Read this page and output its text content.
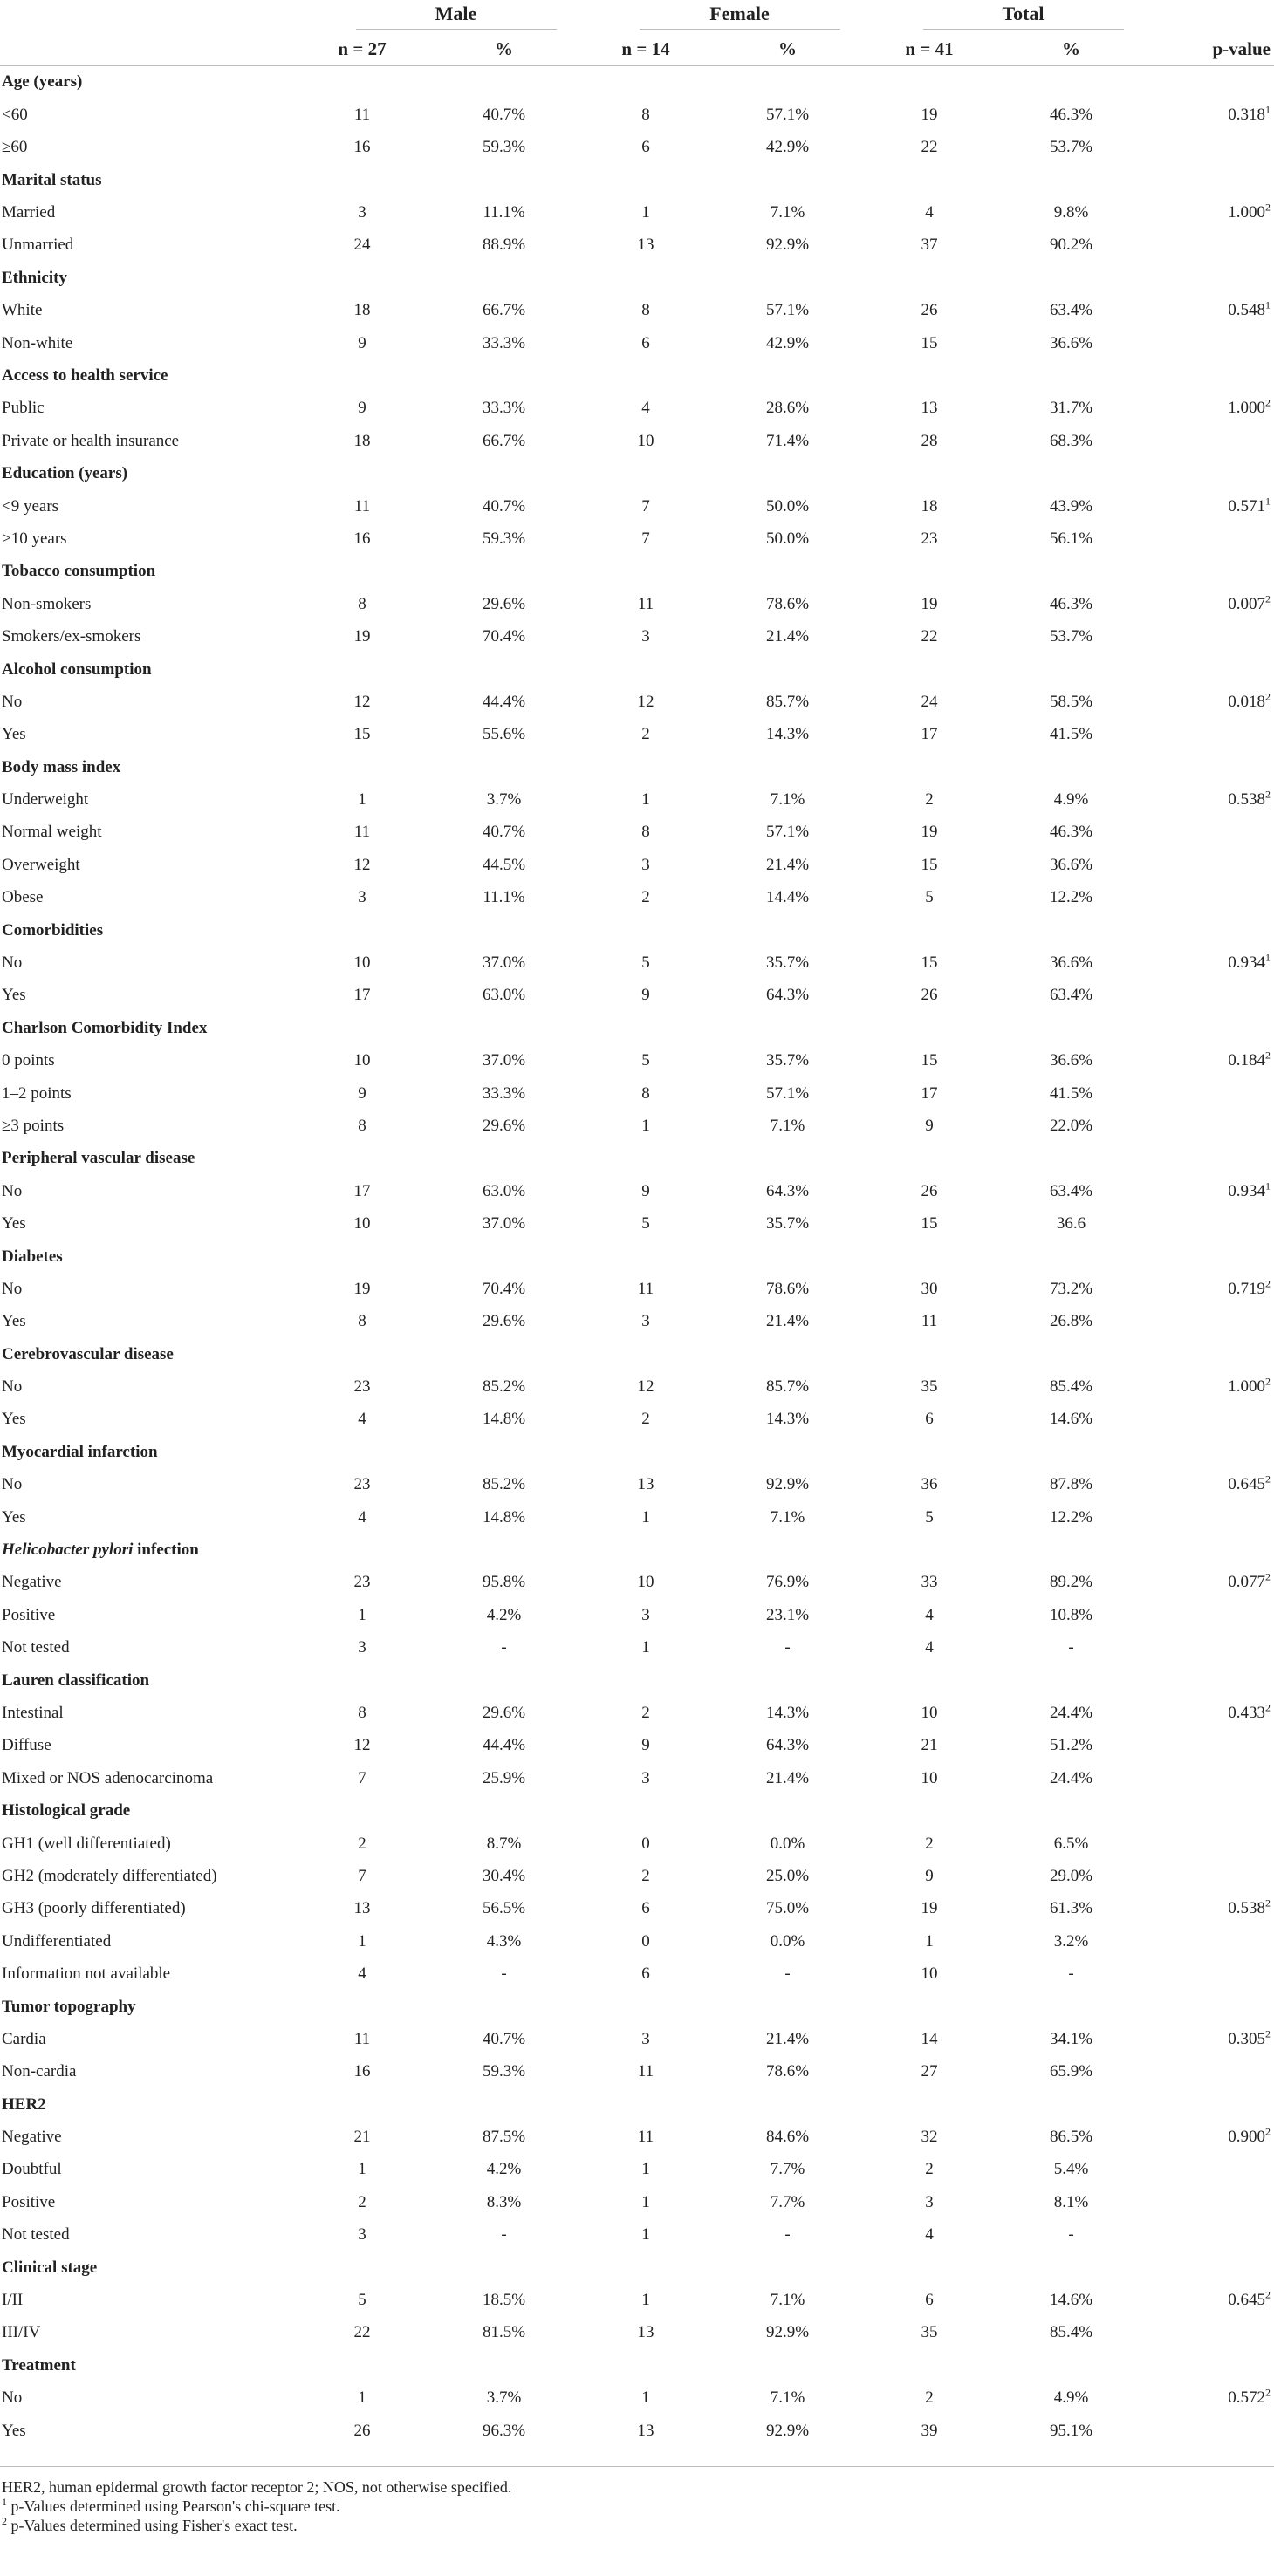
	Male		Female		Total		
	n = 27	%	n = 14	%	n = 41	%	p-value
Age (years)							
<60	11	40.7%	8	57.1%	19	46.3%	$0.318^1$
≥60	16	59.3%	6	42.9%	22	53.7%	
Marital status							
Married	3	11.1%	1	7.1%	4	9.8%	1.000$^2$
Unmarried	24	88.9%	13	92.9%	37	90.2%	
Ethnicity							
White	18	66.7%	8	57.1%	26	63.4%	0.548$^1$
Non-white	9	33.3%	6	42.9%	15	36.6%	
Access to health service							
Public	9	33.3%	4	28.6%	13	31.7%	1.000$^2$
Private or health insurance	18	66.7%	10	71.4%	28	68.3%	
Education (years)							
<9 years	11	40.7%	7	50.0%	18	43.9%	$0.571^1$
>10 years	16	59.3%	7	50.0%	23	56.1%	
Tobacco consumption							
Non-smokers	8	29.6%	11	78.6%	19	46.3%	0.007$^2$
Smokers/ex-smokers	19	70.4%	3	21.4%	22	53.7%	
Alcohol consumption							
No	12	44.4%	12	85.7%	24	58.5%	0.018$^2$
Yes	15	55.6%	2	14.3%	17	41.5%	
Body mass index							
Underweight	1	3.7%	1	7.1%	2	4.9%	0.538$^2$
Normal weight	11	40.7%	8	57.1%	19	46.3%	
Overweight	12	44.5%	3	21.4%	15	36.6%	
Obese	3	11.1%	2	14.4%	5	12.2%	
Comorbidities							
No	10	37.0%	5	35.7%	15	36.6%	0.934$^1$
Yes	17	63.0%	9	64.3%	26	63.4%	
Charlson Comorbidity Index							
0 points	10	37.0%	5	35.7%	15	36.6%	0.184$^2$
1–2 points	9	33.3%	8	57.1%	17	41.5%	
≥3 points	8	29.6%	1	7.1%	9	22.0%	
Peripheral vascular disease							
No	17	63.0%	9	64.3%	26	63.4%	0.934$^1$
Yes	10	37.0%	5	35.7%	15	36.6	
Diabetes							
No	19	70.4%	11	78.6%	30	73.2%	0.719$^2$
Yes	8	29.6%	3	21.4%	11	26.8%	
Cerebrovascular disease							
No	23	85.2%	12	85.7%	35	85.4%	1.000$^2$
Yes	4	14.8%	2	14.3%	6	14.6%	
Myocardial infarction							
No	23	85.2%	13	92.9%	36	87.8%	0.645$^2$
Yes	4	14.8%	1	7.1%	5	12.2%	
Helicobacter pylori infection							
Negative	23	95.8%	10	76.9%	33	89.2%	0.077$^2$
Positive	1	4.2%	3	23.1%	4	10.8%	
Not tested	3	-	1	-	4	-	
Lauren classification							
Intestinal	8	29.6%	2	14.3%	10	24.4%	0.433$^2$
Diffuse	12	44.4%	9	64.3%	21	51.2%	
Mixed or NOS adenocarcinoma	7	25.9%	3	21.4%	10	24.4%	
Histological grade							
GH1 (well differentiated)	2	8.7%	0	0.0%	2	6.5%	
GH2 (moderately differentiated)	7	30.4%	2	25.0%	9	29.0%	
GH3 (poorly differentiated)	13	56.5%	6	75.0%	19	61.3%	0.538$^2$
Undifferentiated	1	4.3%	0	0.0%	1	3.2%	
Information not available	4	-	6	-	10	-	
Tumor topography							
Cardia	11	40.7%	3	21.4%	14	34.1%	0.305$^2$
Non-cardia	16	59.3%	11	78.6%	27	65.9%	
HER2							
Negative	21	87.5%	11	84.6%	32	86.5%	0.900$^2$
Doubtful	1	4.2%	1	7.7%	2	5.4%	
Positive	2	8.3%	1	7.7%	3	8.1%	
Not tested	3	-	1	-	4	-	
Clinical stage							
I/II	5	18.5%	1	7.1%	6	14.6%	0.645$^2$
III/IV	22	81.5%	13	92.9%	35	85.4%	
Treatment							
No	1	3.7%	1	7.1%	2	4.9%	0.572$^2$
Yes	26	96.3%	13	92.9%	39	95.1%	
HER2, human epidermal growth factor receptor 2; NOS, not otherwise specified.
$^1$ p-Values determined using Pearson's chi-square test.
$^2$ p-Values determined using Fisher's exact test.
